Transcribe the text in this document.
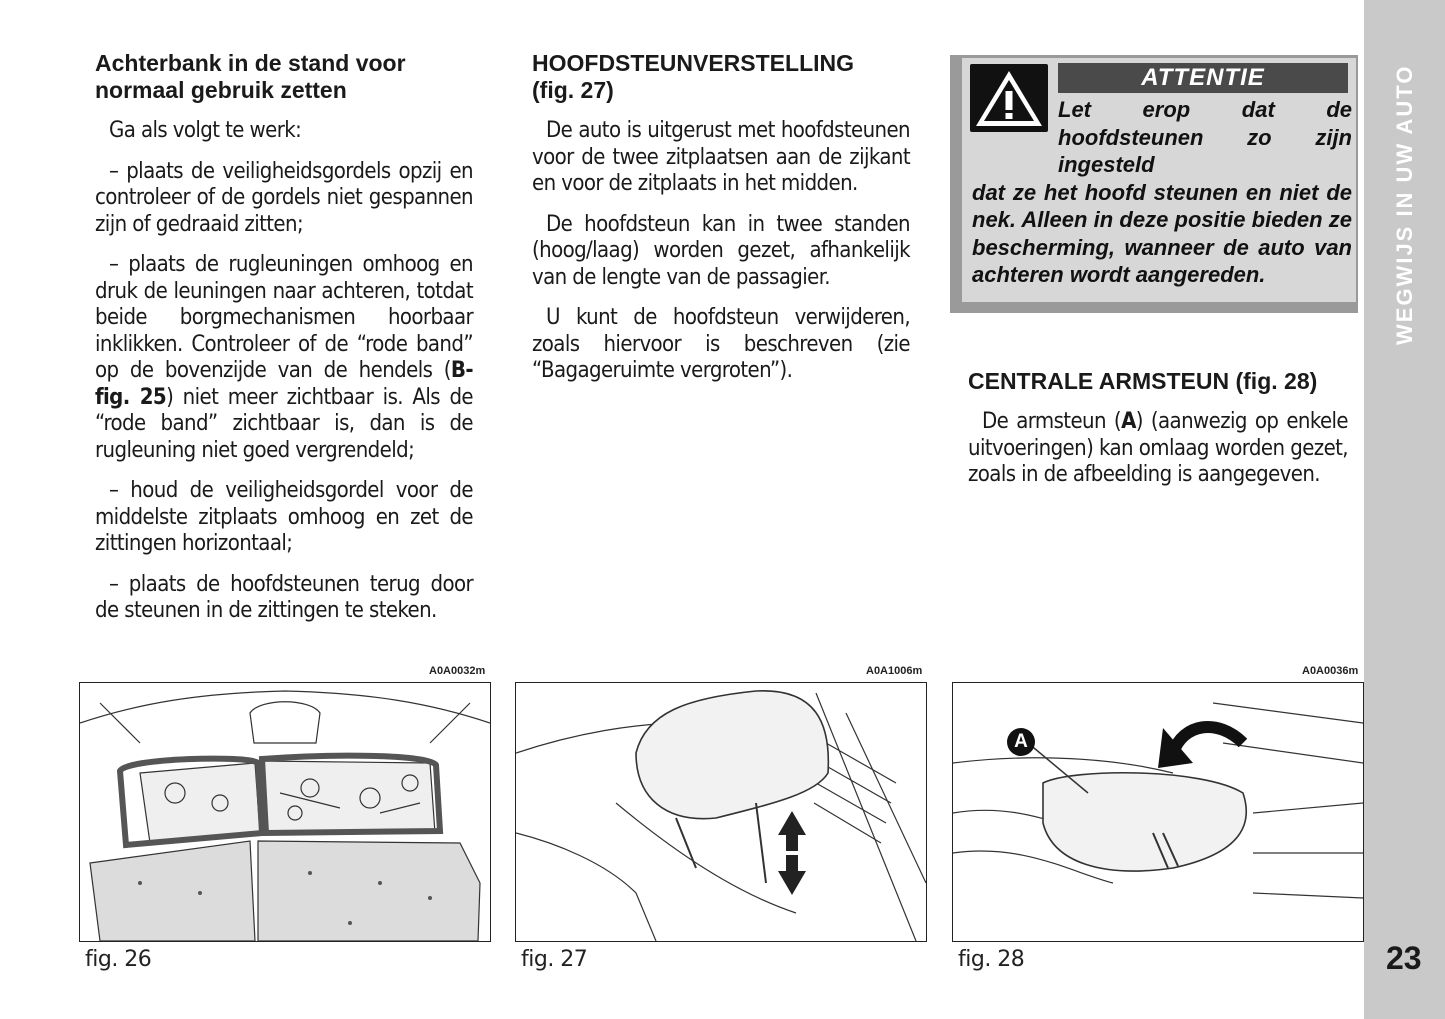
Achterbank in de stand voor normaal gebruik zetten

Ga als volgt te werk:

– plaats de veiligheidsgordels opzij en controleer of de gordels niet gespannen zijn of gedraaid zitten;

– plaats de rugleuningen omhoog en druk de leuningen naar achteren, totdat beide borgmechanismen hoorbaar inklikken. Controleer of de “rode band” op de bovenzijde van de hendels (B-fig. 25) niet meer zichtbaar is. Als de “rode band” zichtbaar is, dan is de rugleuning niet goed vergrendeld;

– houd de veiligheidsgordel voor de middelste zitplaats omhoog en zet de zittingen horizontaal;

– plaats de hoofdsteunen terug door de steunen in de zittingen te steken.

HOOFDSTEUNVERSTELLING
(fig. 27)

De auto is uitgerust met hoofdsteunen voor de twee zitplaatsen aan de zijkant en voor de zitplaats in het midden.

De hoofdsteun kan in twee standen (hoog/laag) worden gezet, afhankelijk van de lengte van de passagier.

U kunt de hoofdsteun verwijderen, zoals hiervoor is beschreven (zie “Bagageruimte vergroten”).

ATTENTIE
Let erop dat de hoofdsteunen zo zijn ingesteld
dat ze het hoofd steunen en niet de nek. Alleen in deze positie bieden ze bescherming, wanneer de auto van achteren wordt aangereden.
CENTRALE ARMSTEUN (fig. 28)

De armsteun (A) (aanwezig op enkele uitvoeringen) kan omlaag worden gezet, zoals in de afbeelding is aangegeven.

WEGWIJS IN UW AUTO
23
A0A0032m
fig. 26
A0A1006m
fig. 27
A0A0036m
A
fig. 28
